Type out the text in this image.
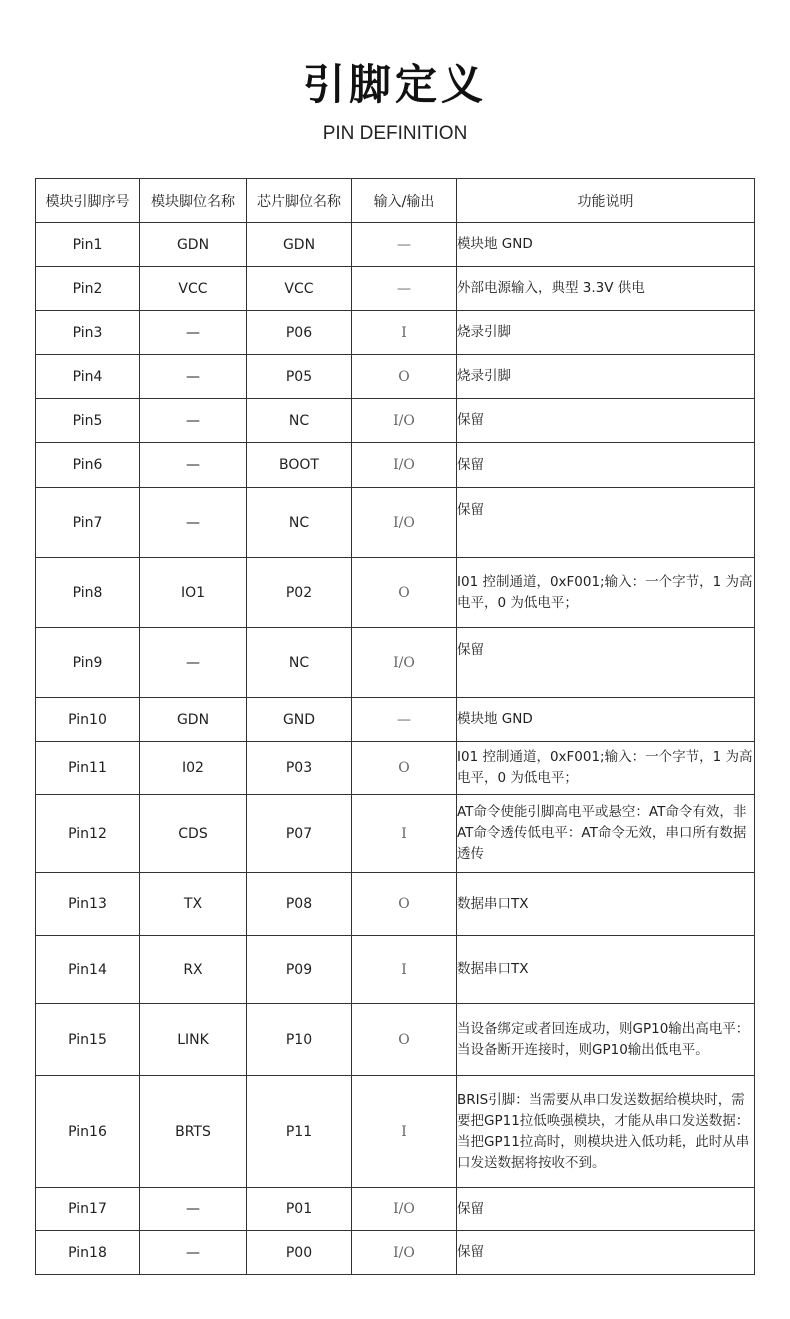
引脚定义
PIN DEFINITION
模块引脚序号	模块脚位名称	芯片脚位名称	输入/输出	功能说明
Pin1	GDN	GDN	—	模块地 GND
Pin2	VCC	VCC	—	外部电源输入，典型 3.3V 供电
Pin3	—	P06	I	烧录引脚
Pin4	—	P05	O	烧录引脚
Pin5	—	NC	I/O	保留
Pin6	—	BOOT	I/O	保留
Pin7	—	NC	I/O	保留
Pin8	IO1	P02	O	I01 控制通道，0xF001;输入：一个字节，1 为高电平，0 为低电平；
Pin9	—	NC	I/O	保留
Pin10	GDN	GND	—	模块地 GND
Pin11	I02	P03	O	I01 控制通道，0xF001;输入：一个字节，1 为高电平，0 为低电平；
Pin12	CDS	P07	I	AT命令使能引脚高电平或悬空：AT命令有效，非AT命令透传低电平：AT命令无效，串口所有数据透传
Pin13	TX	P08	O	数据串口TX
Pin14	RX	P09	I	数据串口TX
Pin15	LINK	P10	O	当设备绑定或者回连成功，则GP10输出高电平：当设备断开连接时，则GP10输出低电平。
Pin16	BRTS	P11	I	BRIS引脚：当需要从串口发送数据给模块时，需要把GP11拉低唤强模块，才能从串口发送数据：当把GP11拉高时，则模块进入低功耗，此时从串口发送数据将按收不到。
Pin17	—	P01	I/O	保留
Pin18	—	P00	I/O	保留
